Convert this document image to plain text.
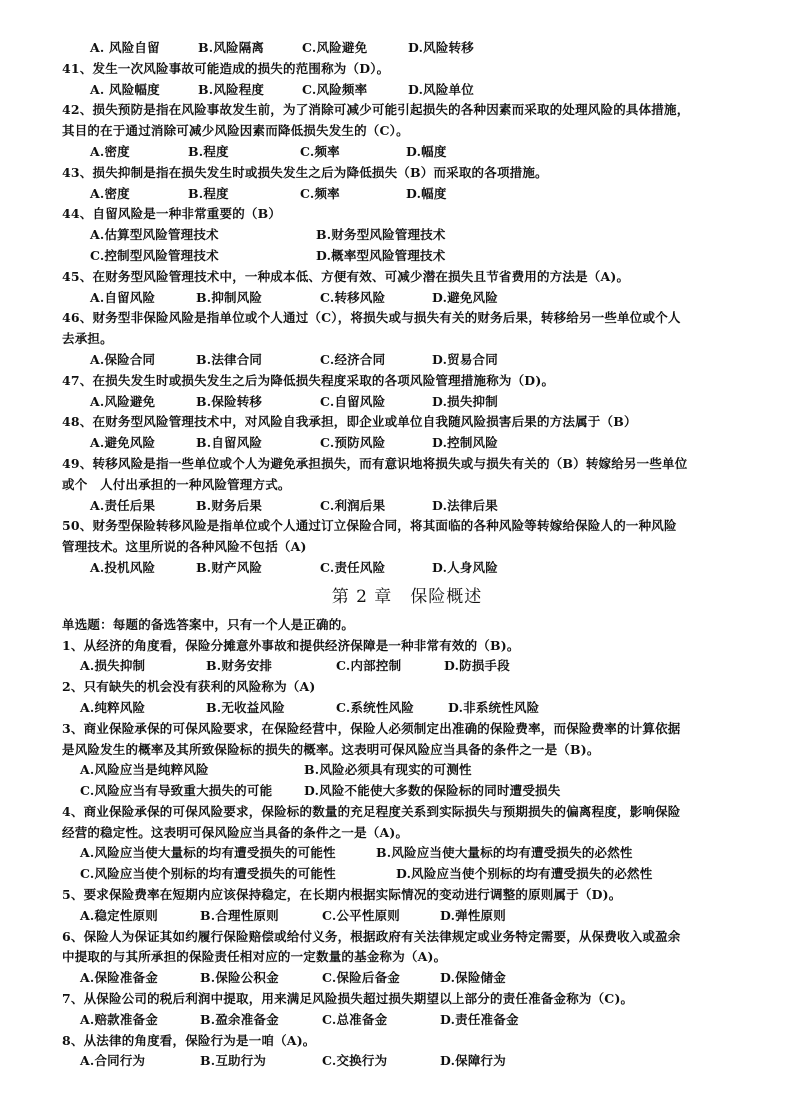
A. 风险自留	B.风险隔离	C.风险避免	D.风险转移
41、发生一次风险事故可能造成的损失的范围称为（D）。
A. 风险幅度	B.风险程度	C.风险频率	D.风险单位
42、损失预防是指在风险事故发生前，为了消除可减少可能引起损失的各种因素而采取的处理风险的具体措施，
其目的在于通过消除可减少风险因素而降低损失发生的（C）。
A.密度	B.程度	C.频率	D.幅度
43、损失抑制是指在损失发生时或损失发生之后为降低损失（B）而采取的各项措施。
A.密度	B.程度	C.频率	D.幅度
44、自留风险是一种非常重要的（B）
A.估算型风险管理技术	B.财务型风险管理技术
C.控制型风险管理技术	D.概率型风险管理技术
45、在财务型风险管理技术中，一种成本低、方便有效、可减少潜在损失且节省费用的方法是（A)。
A.自留风险	B.抑制风险	C.转移风险	D.避免风险
46、财务型非保险风险是指单位或个人通过（C），将损失或与损失有关的财务后果，转移给另一些单位或个人
去承担。
A.保险合同	B.法律合同	C.经济合同	D.贸易合同
47、在损失发生时或损失发生之后为降低损失程度采取的各项风险管理措施称为（D)。
A.风险避免	B.保险转移	C.自留风险	D.损失抑制
48、在财务型风险管理技术中，对风险自我承担，即企业或单位自我随风险损害后果的方法属于（B）
A.避免风险	B.自留风险	C.预防风险	D.控制风险
49、转移风险是指一些单位或个人为避免承担损失，而有意识地将损失或与损失有关的（B）转嫁给另一些单位
或个　人付出承担的一种风险管理方式。
A.责任后果	B.财务后果	C.利润后果	D.法律后果
50、财务型保险转移风险是指单位或个人通过订立保险合同，将其面临的各种风险等转嫁给保险人的一种风险
管理技术。这里所说的各种风险不包括（A)
A.投机风险	B.财产风险	C.责任风险	D.人身风险
第 2 章　保险概述
单选题：每题的备选答案中，只有一个人是正确的。
1、从经济的角度看，保险分摊意外事故和提供经济保障是一种非常有效的（B)。
A.损失抑制	B.财务安排	C.内部控制	D.防损手段
2、只有缺失的机会没有获利的风险称为（A)
A.纯粹风险	B.无收益风险	C.系统性风险	D.非系统性风险
3、商业保险承保的可保风险要求，在保险经营中，保险人必须制定出准确的保险费率，而保险费率的计算依据
是风险发生的概率及其所致保险标的损失的概率。这表明可保风险应当具备的条件之一是（B)。
A.风险应当是纯粹风险	B.风险必须具有现实的可测性
C.风险应当有导致重大损失的可能	D.风险不能使大多数的保险标的同时遭受损失
4、商业保险承保的可保风险要求，保险标的数量的充足程度关系到实际损失与预期损失的偏离程度，影响保险
经营的稳定性。这表明可保风险应当具备的条件之一是（A)。
A.风险应当使大量标的均有遭受损失的可能性	B.风险应当使大量标的均有遭受损失的必然性
C.风险应当使个别标的均有遭受损失的可能性	D.风险应当使个别标的均有遭受损失的必然性
5、要求保险费率在短期内应该保持稳定，在长期内根据实际情况的变动进行调整的原则属于（D)。
A.稳定性原则	B.合理性原则	C.公平性原则	D.弹性原则
6、保险人为保证其如约履行保险赔偿或给付义务，根据政府有关法律规定或业务特定需要，从保费收入或盈余
中提取的与其所承担的保险责任相对应的一定数量的基金称为（A)。
A.保险准备金	B.保险公积金	C.保险后备金	D.保险储金
7、从保险公司的税后利润中提取，用来满足风险损失超过损失期望以上部分的责任准备金称为（C)。
A.赔款准备金	B.盈余准备金	C.总准备金	D.责任准备金
8、从法律的角度看，保险行为是一咱（A)。
A.合同行为	B.互助行为	C.交换行为	D.保障行为
